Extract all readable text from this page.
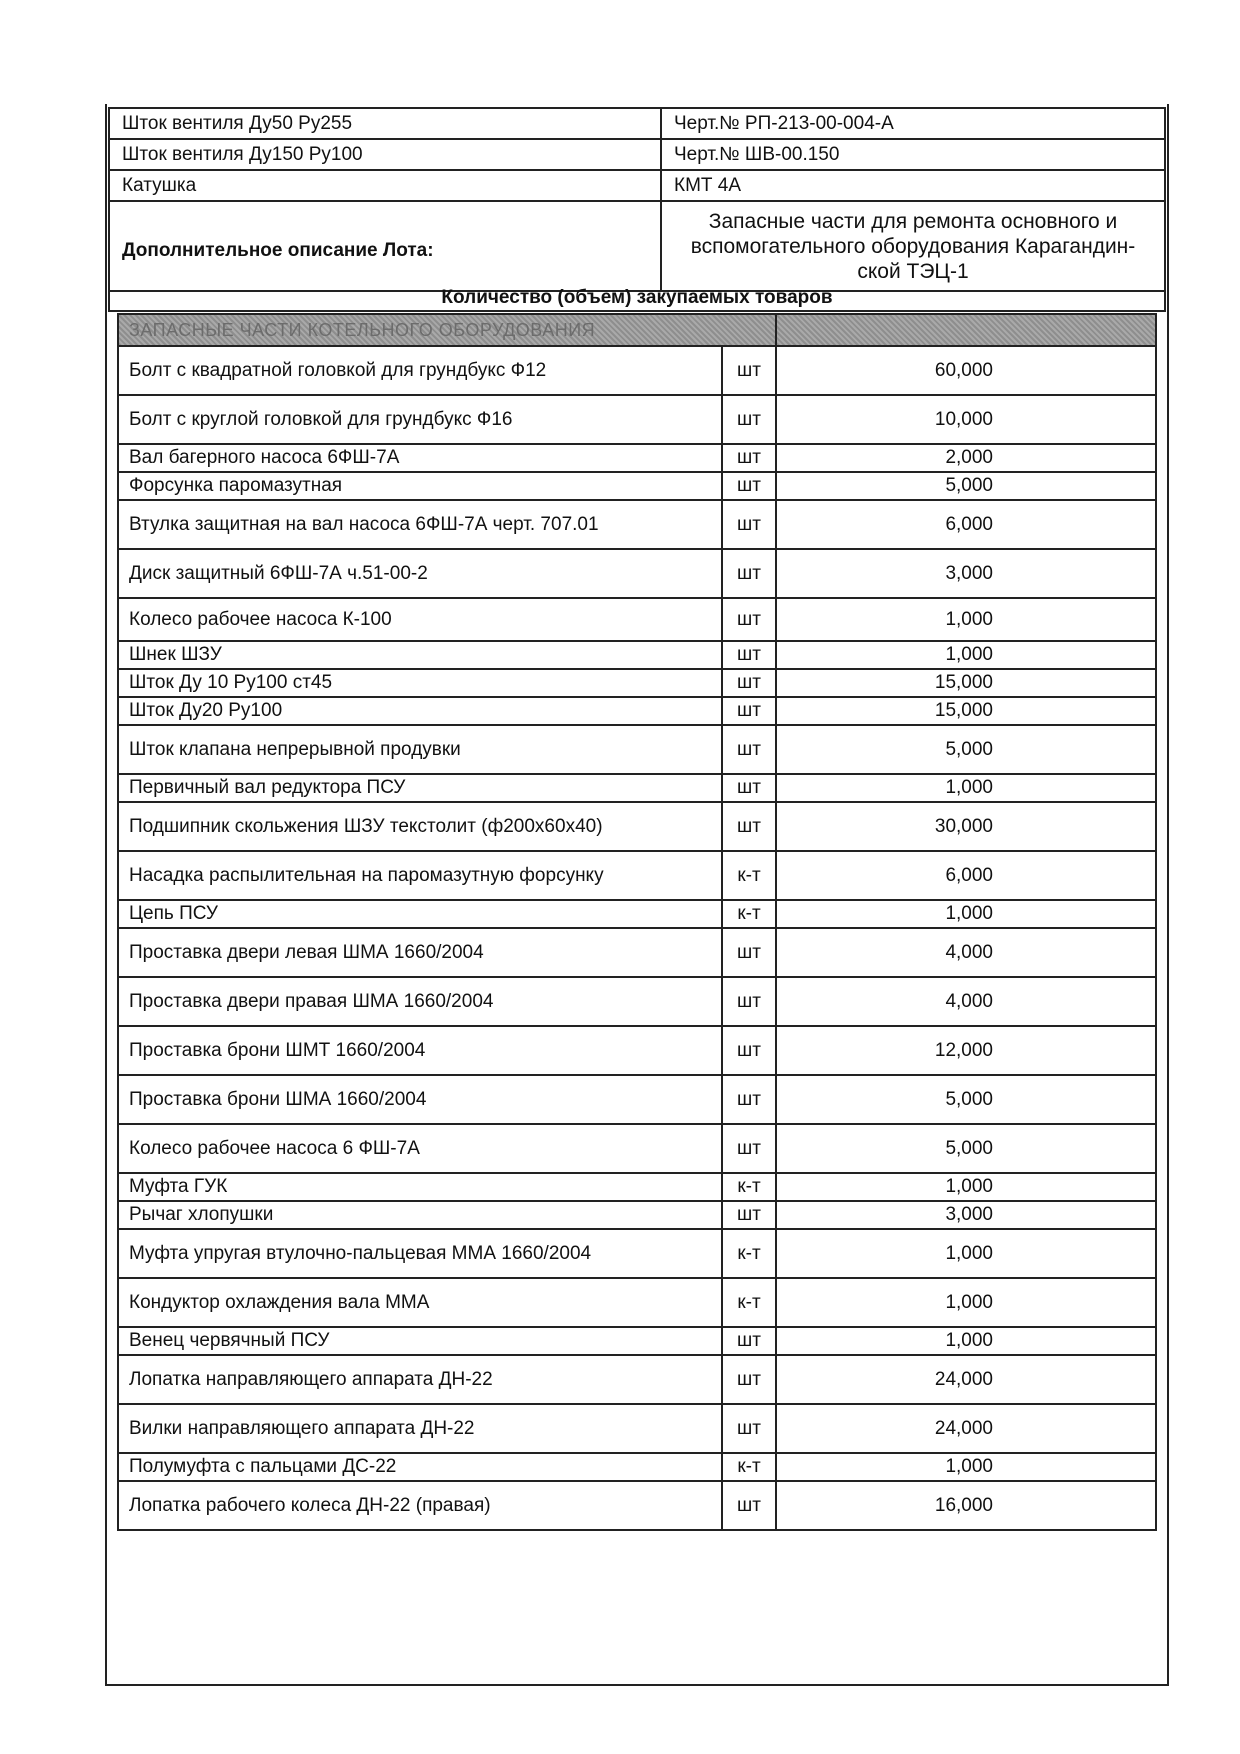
Шток вентиля Ду50 Ру255	Черт.№ РП-213-00-004-А
Шток вентиля Ду150 Ру100	Черт.№ ШВ-00.150
Катушка	КМТ 4А
Дополнительное описание Лота:	Запасные части для ремонта основного и вспомогательного оборудования Карагандин-ской ТЭЦ-1
Количество (объем) закупаемых товаров
ЗАПАСНЫЕ ЧАСТИ КОТЕЛЬНОГО ОБОРУДОВАНИЯ		
Болт с квадратной головкой для грундбукс Ф12	шт	60,000
Болт с круглой головкой для грундбукс Ф16	шт	10,000
Вал багерного насоса 6ФШ-7А	шт	2,000
Форсунка паромазутная	шт	5,000
Втулка защитная на вал насоса 6ФШ-7А черт. 707.01	шт	6,000
Диск защитный 6ФШ-7А ч.51-00-2	шт	3,000
Колесо рабочее насоса К-100	шт	1,000
Шнек ШЗУ	шт	1,000
Шток Ду 10 Ру100 ст45	шт	15,000
Шток Ду20 Ру100	шт	15,000
Шток клапана непрерывной продувки	шт	5,000
Первичный вал редуктора ПСУ	шт	1,000
Подшипник скольжения ШЗУ текстолит (ф200х60х40)	шт	30,000
Насадка распылительная на паромазутную форсунку	к-т	6,000
Цепь ПСУ	к-т	1,000
Проставка двери левая ШМА 1660/2004	шт	4,000
Проставка двери правая ШМА 1660/2004	шт	4,000
Проставка брони ШМТ 1660/2004	шт	12,000
Проставка брони ШМА 1660/2004	шт	5,000
Колесо рабочее насоса 6 ФШ-7А	шт	5,000
Муфта ГУК	к-т	1,000
Рычаг хлопушки	шт	3,000
Муфта упругая втулочно-пальцевая ММА 1660/2004	к-т	1,000
Кондуктор охлаждения вала ММА	к-т	1,000
Венец червячный ПСУ	шт	1,000
Лопатка направляющего аппарата ДН-22	шт	24,000
Вилки направляющего аппарата ДН-22	шт	24,000
Полумуфта с пальцами ДС-22	к-т	1,000
Лопатка рабочего колеса ДН-22 (правая)	шт	16,000
